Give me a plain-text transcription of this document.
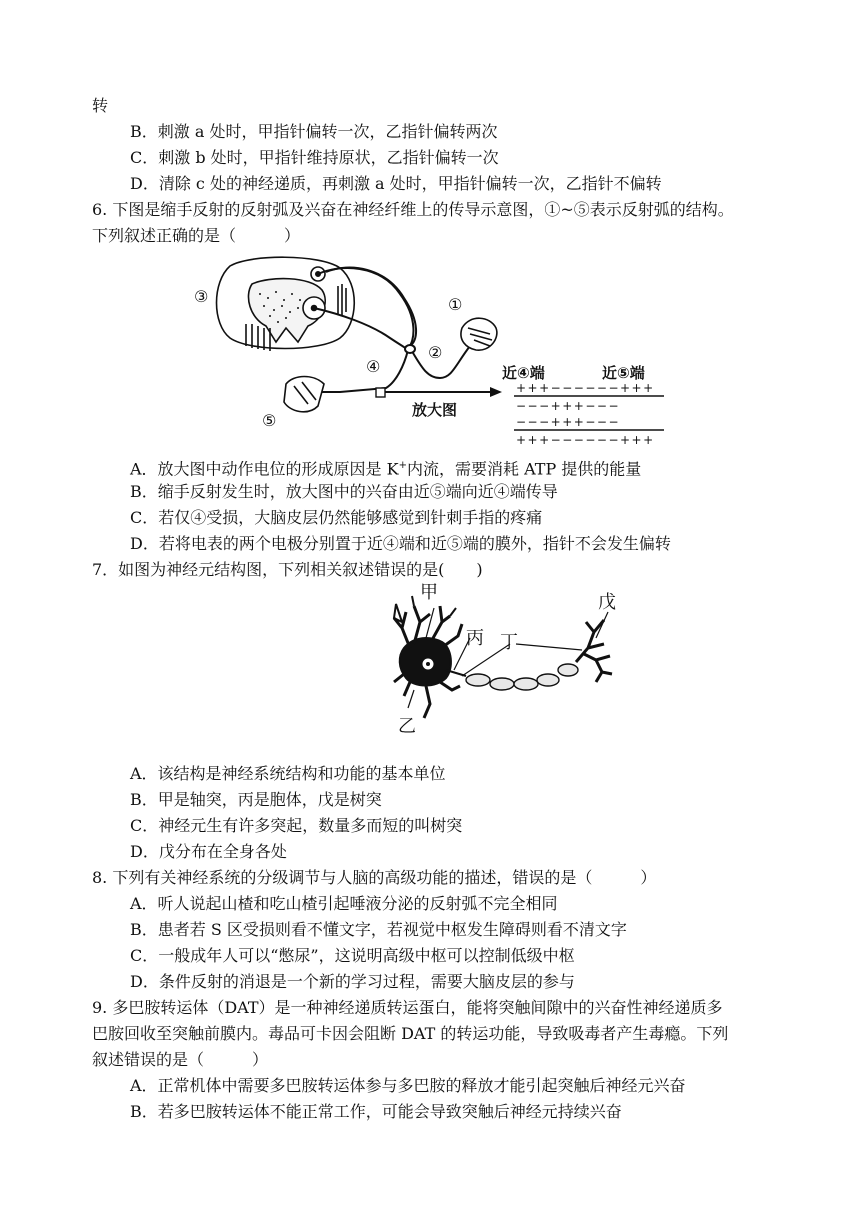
转
B．刺激 a 处时，甲指针偏转一次，乙指针偏转两次
C．刺激 b 处时，甲指针维持原状，乙指针偏转一次
D．清除 c 处的神经递质，再刺激 a 处时，甲指针偏转一次，乙指针不偏转
6. 下图是缩手反射的反射弧及兴奋在神经纤维上的传导示意图，①~⑤表示反射弧的结构。
下列叙述正确的是（　　　）
③	①
②
④
⑤
放大图
近④端	近⑤端
+++−−−−−−+++
−−−+++−−−
−−−+++−−−
+++−−−−−−+++
A．放大图中动作电位的形成原因是 K+内流，需要消耗 ATP 提供的能量
B．缩手反射发生时，放大图中的兴奋由近⑤端向近④端传导
C．若仅④受损，大脑皮层仍然能够感觉到针刺手指的疼痛
D．若将电表的两个电极分别置于近④端和近⑤端的膜外，指针不会发生偏转
7．如图为神经元结构图，下列相关叙述错误的是(　　)
甲
丙 丁
戊
乙
A．该结构是神经系统结构和功能的基本单位
B．甲是轴突，丙是胞体，戊是树突
C．神经元生有许多突起，数量多而短的叫树突
D．戊分布在全身各处
8. 下列有关神经系统的分级调节与人脑的高级功能的描述，错误的是（　　　）
A．听人说起山楂和吃山楂引起唾液分泌的反射弧不完全相同
B．患者若 S 区受损则看不懂文字，若视觉中枢发生障碍则看不清文字
C．一般成年人可以“憋尿”，这说明高级中枢可以控制低级中枢
D．条件反射的消退是一个新的学习过程，需要大脑皮层的参与
9. 多巴胺转运体（DAT）是一种神经递质转运蛋白，能将突触间隙中的兴奋性神经递质多
巴胺回收至突触前膜内。毒品可卡因会阻断 DAT 的转运功能，导致吸毒者产生毒瘾。下列
叙述错误的是（　　　）
A．正常机体中需要多巴胺转运体参与多巴胺的释放才能引起突触后神经元兴奋
B．若多巴胺转运体不能正常工作，可能会导致突触后神经元持续兴奋
